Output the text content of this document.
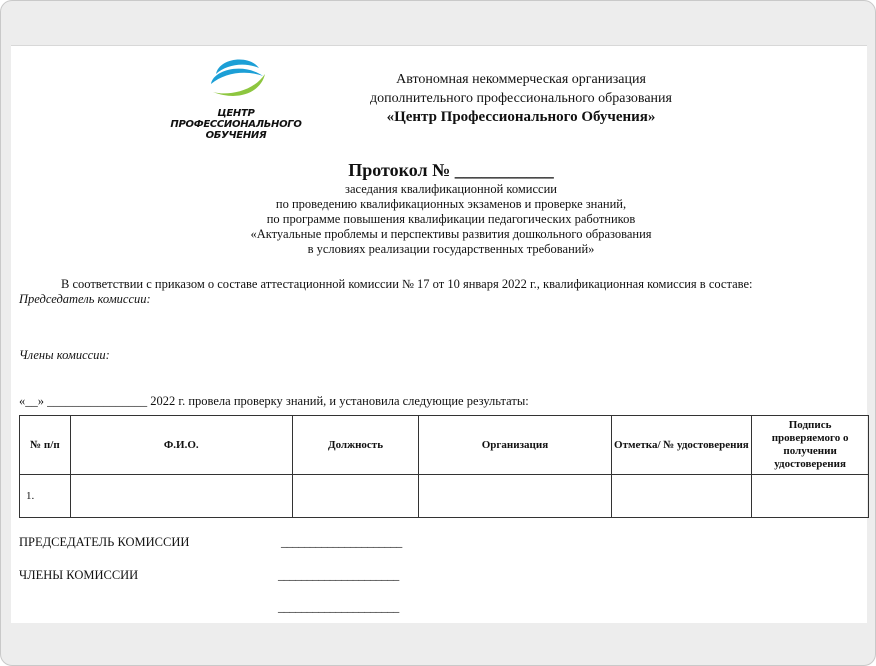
ЦЕНТР
ПРОФЕССИОНАЛЬНОГО
ОБУЧЕНИЯ
Автономная некоммерческая организация
дополнительного профессионального образования
«Центр Профессионального Обучения»
Протокол № ___________
заседания квалификационной комиссии
по проведению квалификационных экзаменов и проверке знаний,
по программе повышения квалификации педагогических работников
«Актуальные проблемы и перспективы развития дошкольного образования
в условиях реализации государственных требований»
В соответствии с приказом о составе аттестационной комиссии № 17 от 10 января 2022 г., квалификационная комиссия в составе:
Председатель комиссии:
Члены комиссии:
«__» ________________ 2022 г. провела проверку знаний, и установила следующие результаты:
№ п/п	Ф.И.О.	Должность	Организация	Отметка/ № удостоверения	Подпись проверяемого о получении удостоверения
1.					
ПРЕДСЕДАТЕЛЬ КОМИССИИ	_____________________
ЧЛЕНЫ КОМИССИИ	_____________________
_____________________
